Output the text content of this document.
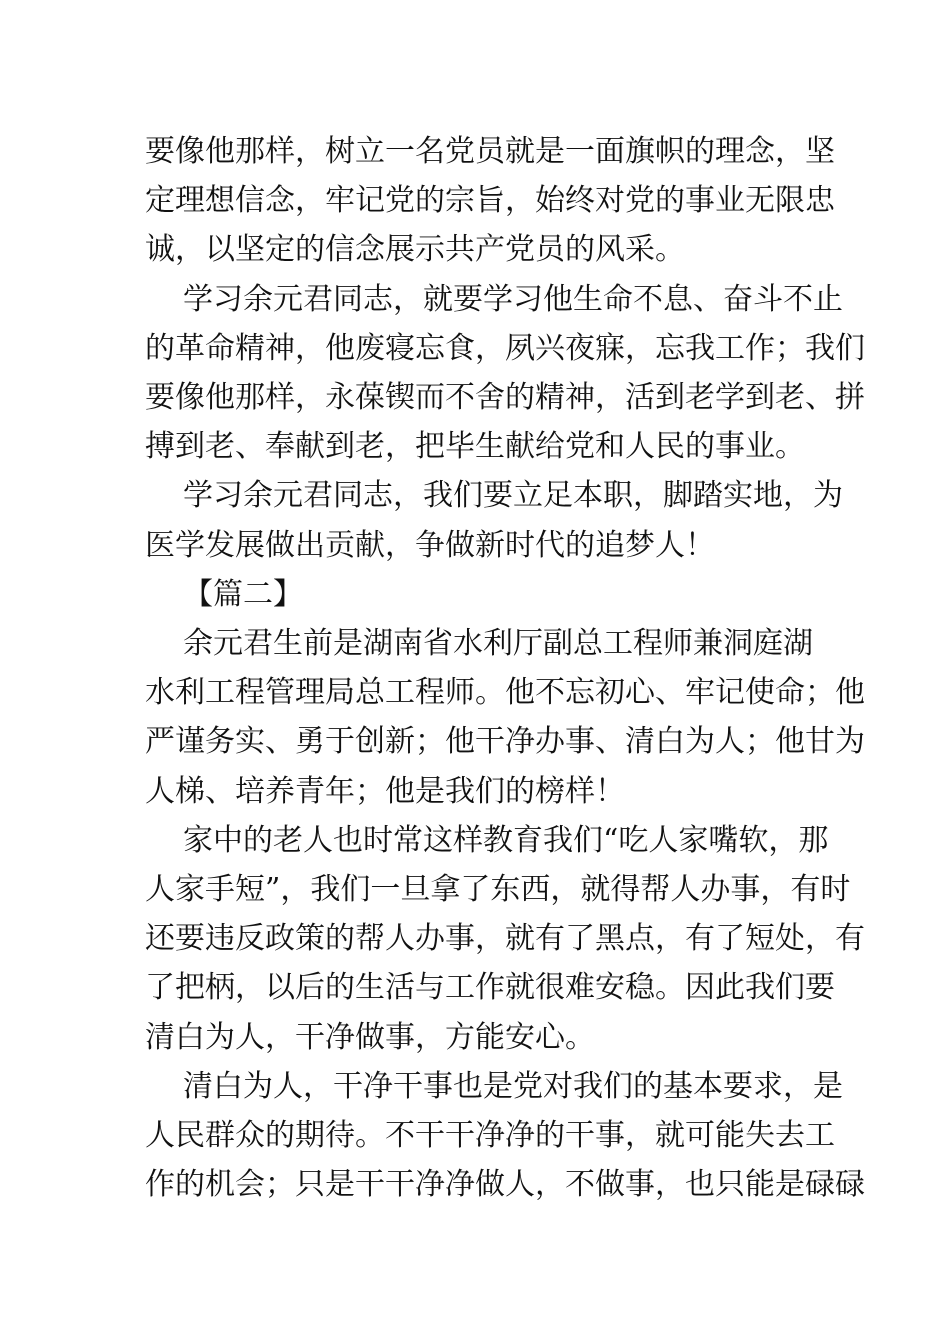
要像他那样，树立一名党员就是一面旗帜的理念，坚
定理想信念，牢记党的宗旨，始终对党的事业无限忠
诚，以坚定的信念展示共产党员的风采。

学习余元君同志，就要学习他生命不息、奋斗不止
的革命精神，他废寝忘食，夙兴夜寐，忘我工作；我们
要像他那样，永葆锲而不舍的精神，活到老学到老、拼
搏到老、奉献到老，把毕生献给党和人民的事业。

学习余元君同志，我们要立足本职，脚踏实地，为
医学发展做出贡献，争做新时代的追梦人！

【篇二】

余元君生前是湖南省水利厅副总工程师兼洞庭湖
水利工程管理局总工程师。他不忘初心、牢记使命；他
严谨务实、勇于创新；他干净办事、清白为人；他甘为
人梯、培养青年；他是我们的榜样！

家中的老人也时常这样教育我们“吃人家嘴软，那
人家手短”，我们一旦拿了东西，就得帮人办事，有时
还要违反政策的帮人办事，就有了黑点，有了短处，有
了把柄，以后的生活与工作就很难安稳。因此我们要
清白为人，干净做事，方能安心。

清白为人，干净干事也是党对我们的基本要求，是
人民群众的期待。不干干净净的干事，就可能失去工
作的机会；只是干干净净做人，不做事，也只能是碌碌
